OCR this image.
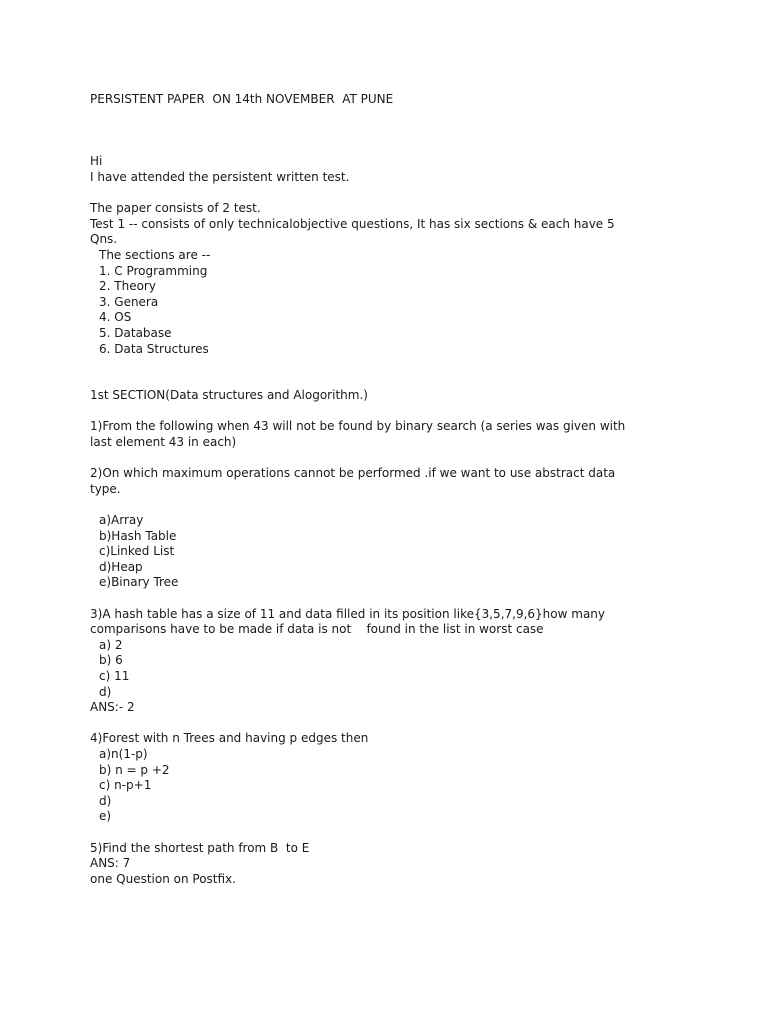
PERSISTENT PAPER  ON 14th NOVEMBER  AT PUNE
Hi
I have attended the persistent written test.
The paper consists of 2 test.
Test 1 -- consists of only technicalobjective questions, It has six sections & each have 5
Qns.
The sections are --
1. C Programming
2. Theory
3. Genera
4. OS
5. Database
6. Data Structures
1st SECTION(Data structures and Alogorithm.)
1)From the following when 43 will not be found by binary search (a series was given with
last element 43 in each)
2)On which maximum operations cannot be performed .if we want to use abstract data
type.
a)Array
b)Hash Table
c)Linked List
d)Heap
e)Binary Tree
3)A hash table has a size of 11 and data filled in its position like{3,5,7,9,6}how many
comparisons have to be made if data is not    found in the list in worst case
a) 2
b) 6
c) 11
d)
ANS:- 2
4)Forest with n Trees and having p edges then
a)n(1-p)
b) n = p +2
c) n-p+1
d)
e)
5)Find the shortest path from B  to E
ANS: 7
one Question on Postfix.
